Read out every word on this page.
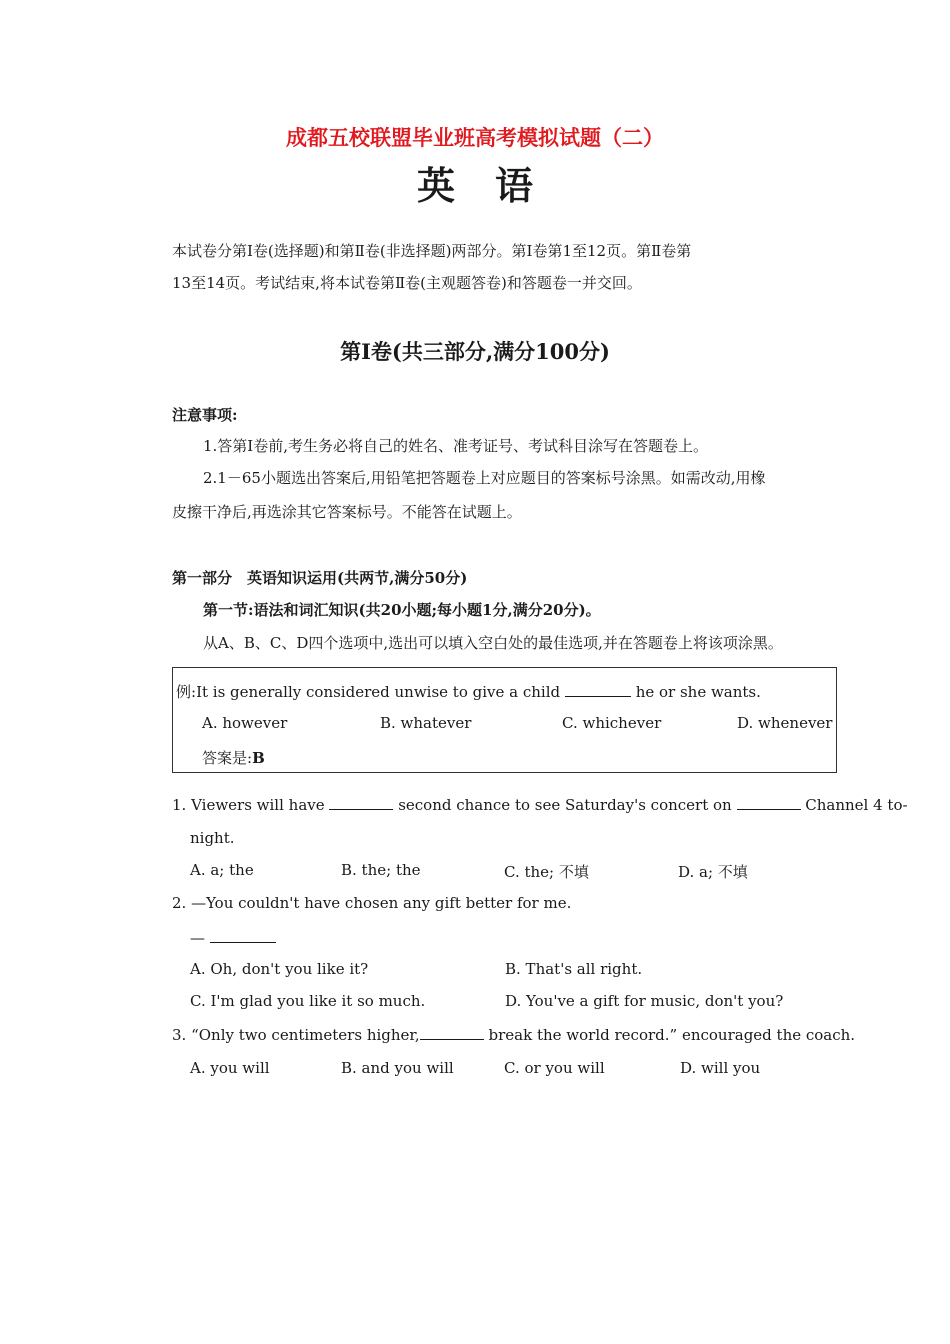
成都五校联盟毕业班高考模拟试题（二）
英语
本试卷分第Ⅰ卷(选择题)和第Ⅱ卷(非选择题)两部分。第Ⅰ卷第1至12页。第Ⅱ卷第
13至14页。考试结束,将本试卷第Ⅱ卷(主观题答卷)和答题卷一并交回。
第Ⅰ卷(共三部分,满分100分)
注意事项:
1.答第Ⅰ卷前,考生务必将自己的姓名、准考证号、考试科目涂写在答题卷上。
2.1－65小题选出答案后,用铅笔把答题卷上对应题目的答案标号涂黑。如需改动,用橡
皮擦干净后,再选涂其它答案标号。不能答在试题上。
第一部分　英语知识运用(共两节,满分50分)
第一节:语法和词汇知识(共20小题;每小题1分,满分20分)。
从A、B、C、D四个选项中,选出可以填入空白处的最佳选项,并在答题卷上将该项涂黑。
例:It is generally considered unwise to give a child	he or she wants.
A. however	B. whatever	C. whichever	D. whenever
答案是:B
1. Viewers will have	second chance to see Saturday's concert on	Channel 4 to-
night.
A. a; the	B. the; the	C. the; 不填	D. a; 不填
2. —You couldn't have chosen any gift better for me.
—
A. Oh, don't you like it?	B. That's all right.
C. I'm glad you like it so much.	D. You've a gift for music, don't you?
3. “Only two centimeters higher,	break the world record.” encouraged the coach.
A. you will	B. and you will	C. or you will	D. will you
